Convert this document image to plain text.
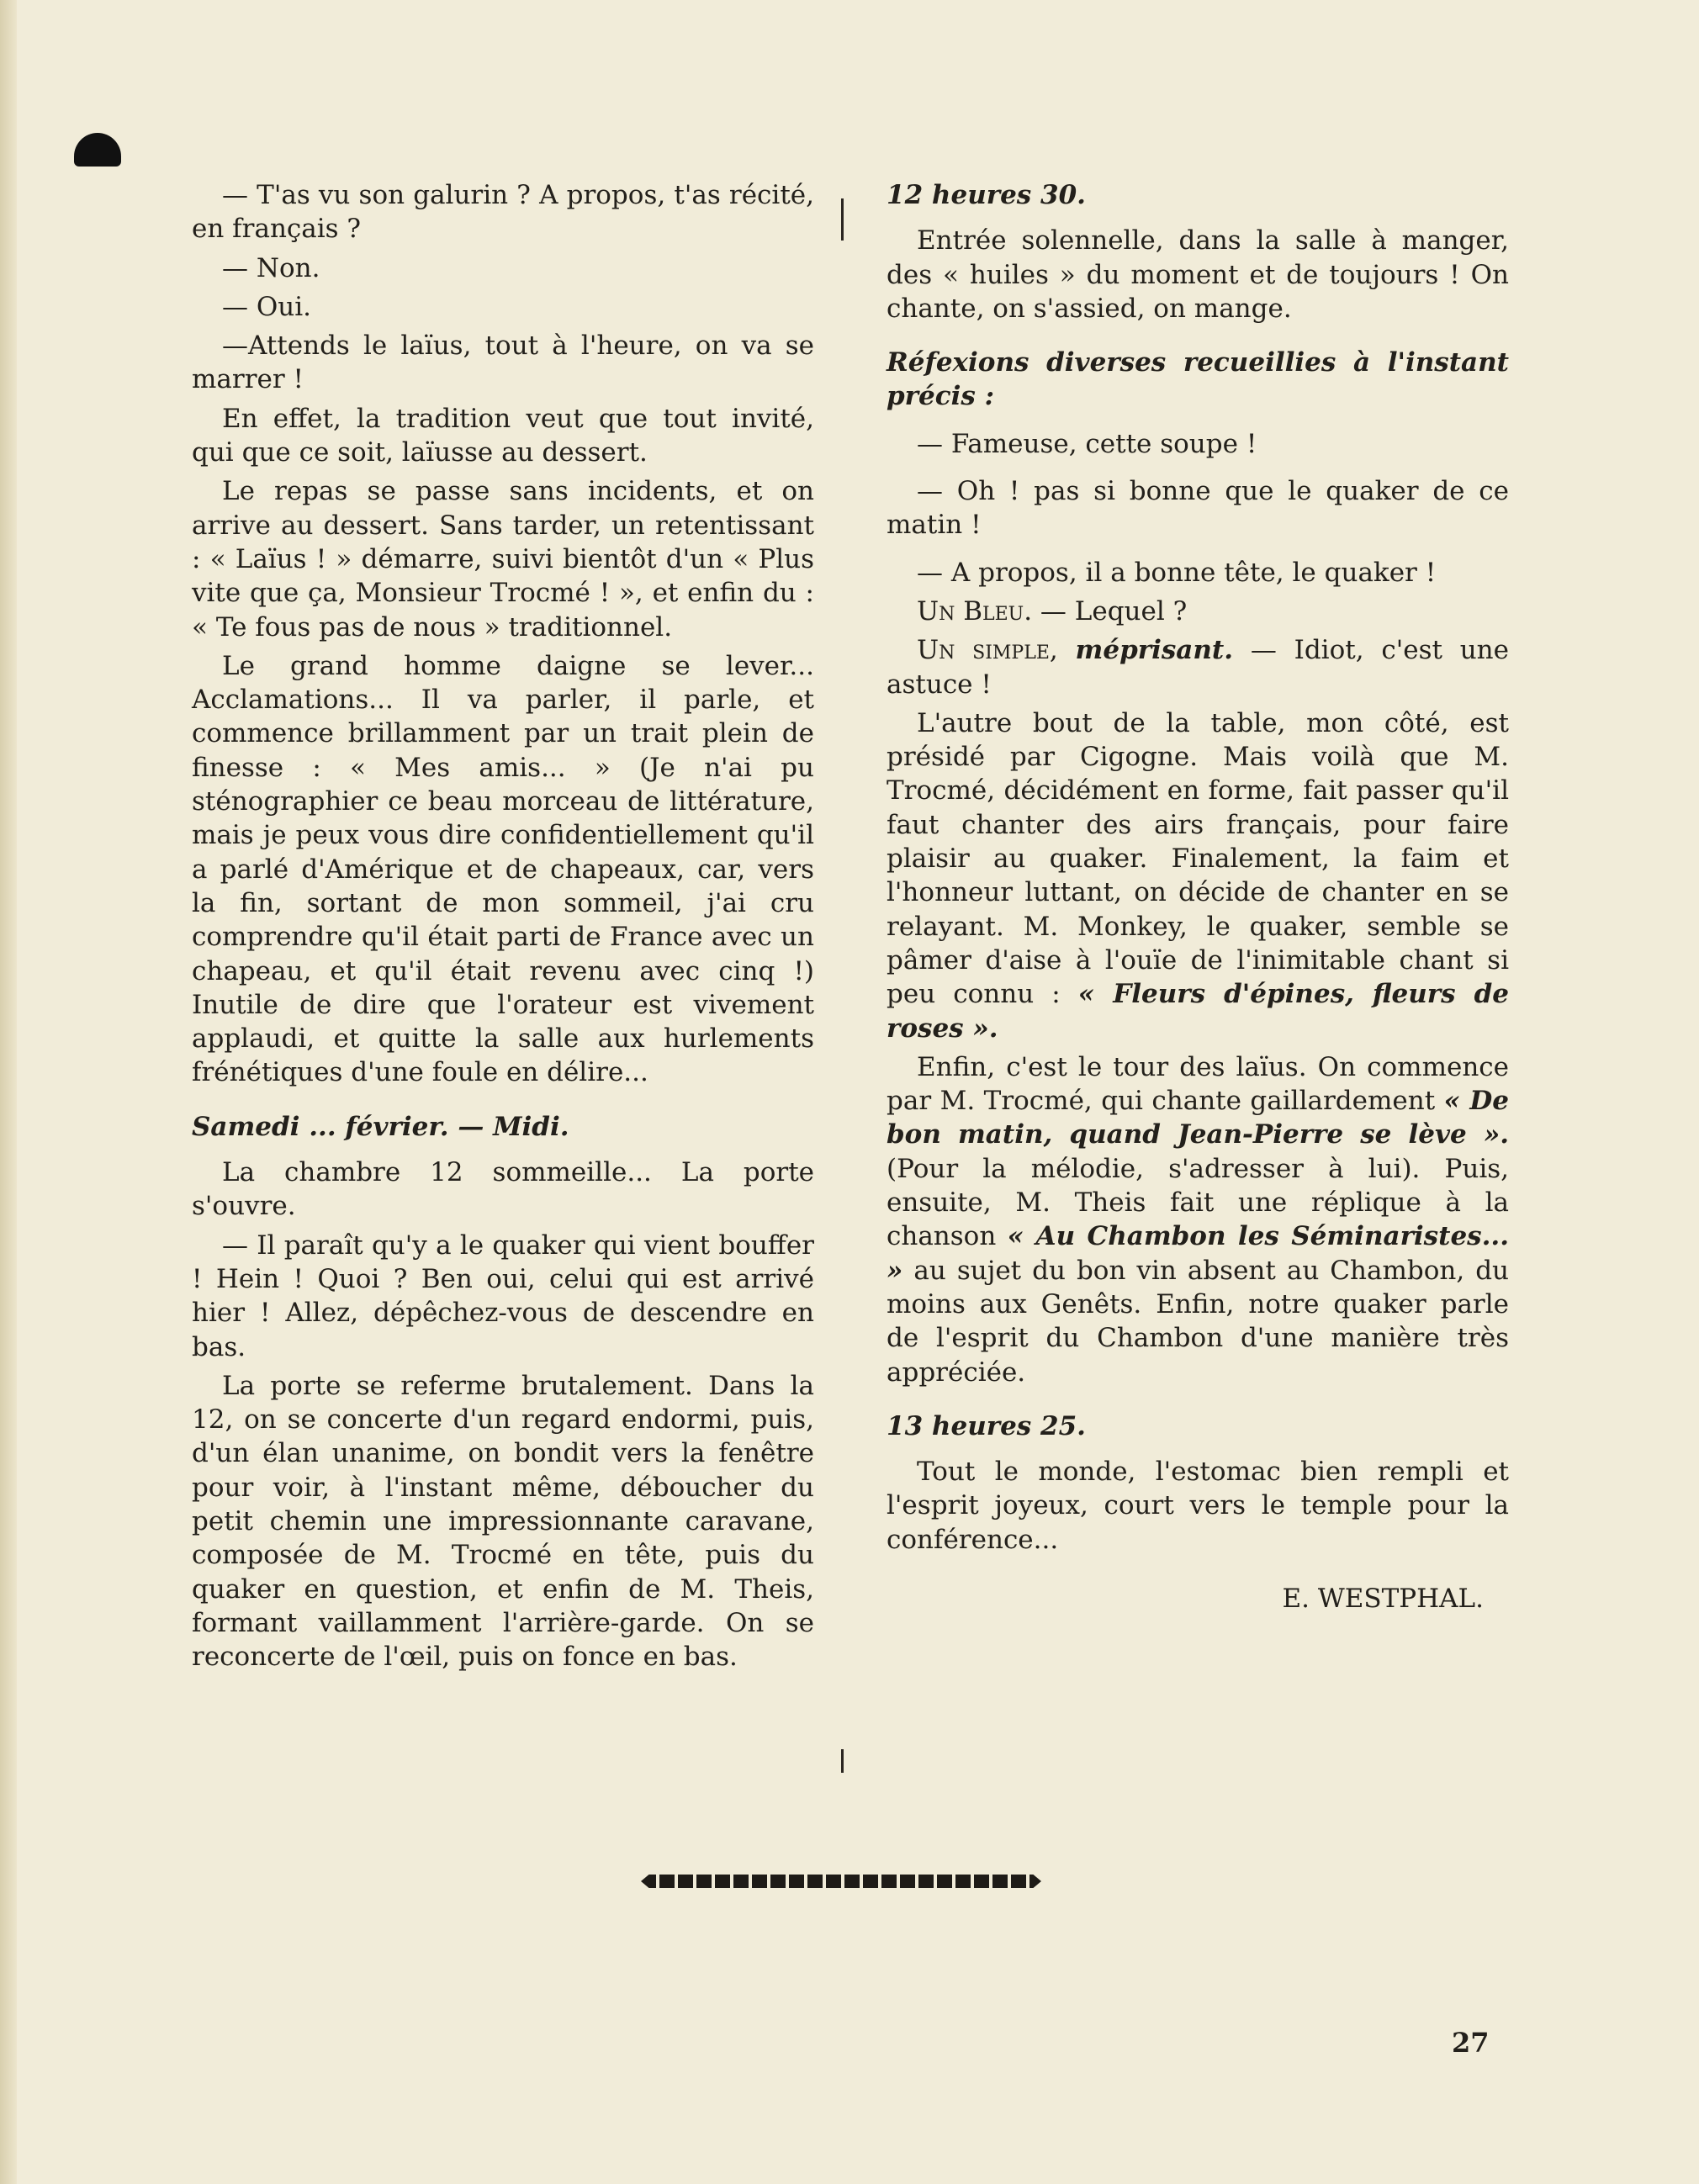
— T'as vu son galurin ? A propos, t'as récité, en français ?

— Non.

— Oui.

—Attends le laïus, tout à l'heure, on va se marrer !

En effet, la tradition veut que tout invité, qui que ce soit, laïusse au dessert.

Le repas se passe sans incidents, et on arrive au dessert. Sans tarder, un retentissant : « Laïus ! » démarre, suivi bientôt d'un « Plus vite que ça, Monsieur Trocmé ! », et enfin du : « Te fous pas de nous » traditionnel.

Le grand homme daigne se lever... Acclamations... Il va parler, il parle, et commence brillamment par un trait plein de finesse : « Mes amis... » (Je n'ai pu sténographier ce beau morceau de littérature, mais je peux vous dire confidentiellement qu'il a parlé d'Amérique et de chapeaux, car, vers la fin, sortant de mon sommeil, j'ai cru comprendre qu'il était parti de France avec un chapeau, et qu'il était revenu avec cinq !) Inutile de dire que l'orateur est vivement applaudi, et quitte la salle aux hurlements frénétiques d'une foule en délire...

Samedi ... février. — Midi.

La chambre 12 sommeille... La porte s'ouvre.

— Il paraît qu'y a le quaker qui vient bouffer ! Hein ! Quoi ? Ben oui, celui qui est arrivé hier ! Allez, dépêchez-vous de descendre en bas.

La porte se referme brutalement. Dans la 12, on se concerte d'un regard endormi, puis, d'un élan unanime, on bondit vers la fenêtre pour voir, à l'instant même, déboucher du petit chemin une impressionnante caravane, composée de M. Trocmé en tête, puis du quaker en question, et enfin de M. Theis, formant vaillamment l'arrière-garde. On se reconcerte de l'œil, puis on fonce en bas.

12 heures 30.

Entrée solennelle, dans la salle à manger, des « huiles » du moment et de toujours ! On chante, on s'assied, on mange.

Réfexions diverses recueillies à l'instant précis :

— Fameuse, cette soupe !

— Oh ! pas si bonne que le quaker de ce matin !

— A propos, il a bonne tête, le quaker !

Un Bleu. — Lequel ?

Un simple, méprisant. — Idiot, c'est une astuce !

L'autre bout de la table, mon côté, est présidé par Cigogne. Mais voilà que M. Trocmé, décidément en forme, fait passer qu'il faut chanter des airs français, pour faire plaisir au quaker. Finalement, la faim et l'honneur luttant, on décide de chanter en se relayant. M. Monkey, le quaker, semble se pâmer d'aise à l'ouïe de l'inimitable chant si peu connu : « Fleurs d'épines, fleurs de roses ».

Enfin, c'est le tour des laïus. On commence par M. Trocmé, qui chante gaillardement « De bon matin, quand Jean-Pierre se lève ». (Pour la mélodie, s'adresser à lui). Puis, ensuite, M. Theis fait une réplique à la chanson « Au Chambon les Séminaristes... » au sujet du bon vin absent au Chambon, du moins aux Genêts. Enfin, notre quaker parle de l'esprit du Chambon d'une manière très appréciée.

13 heures 25.

Tout le monde, l'estomac bien rempli et l'esprit joyeux, court vers le temple pour la conférence...

E. WESTPHAL.

27
